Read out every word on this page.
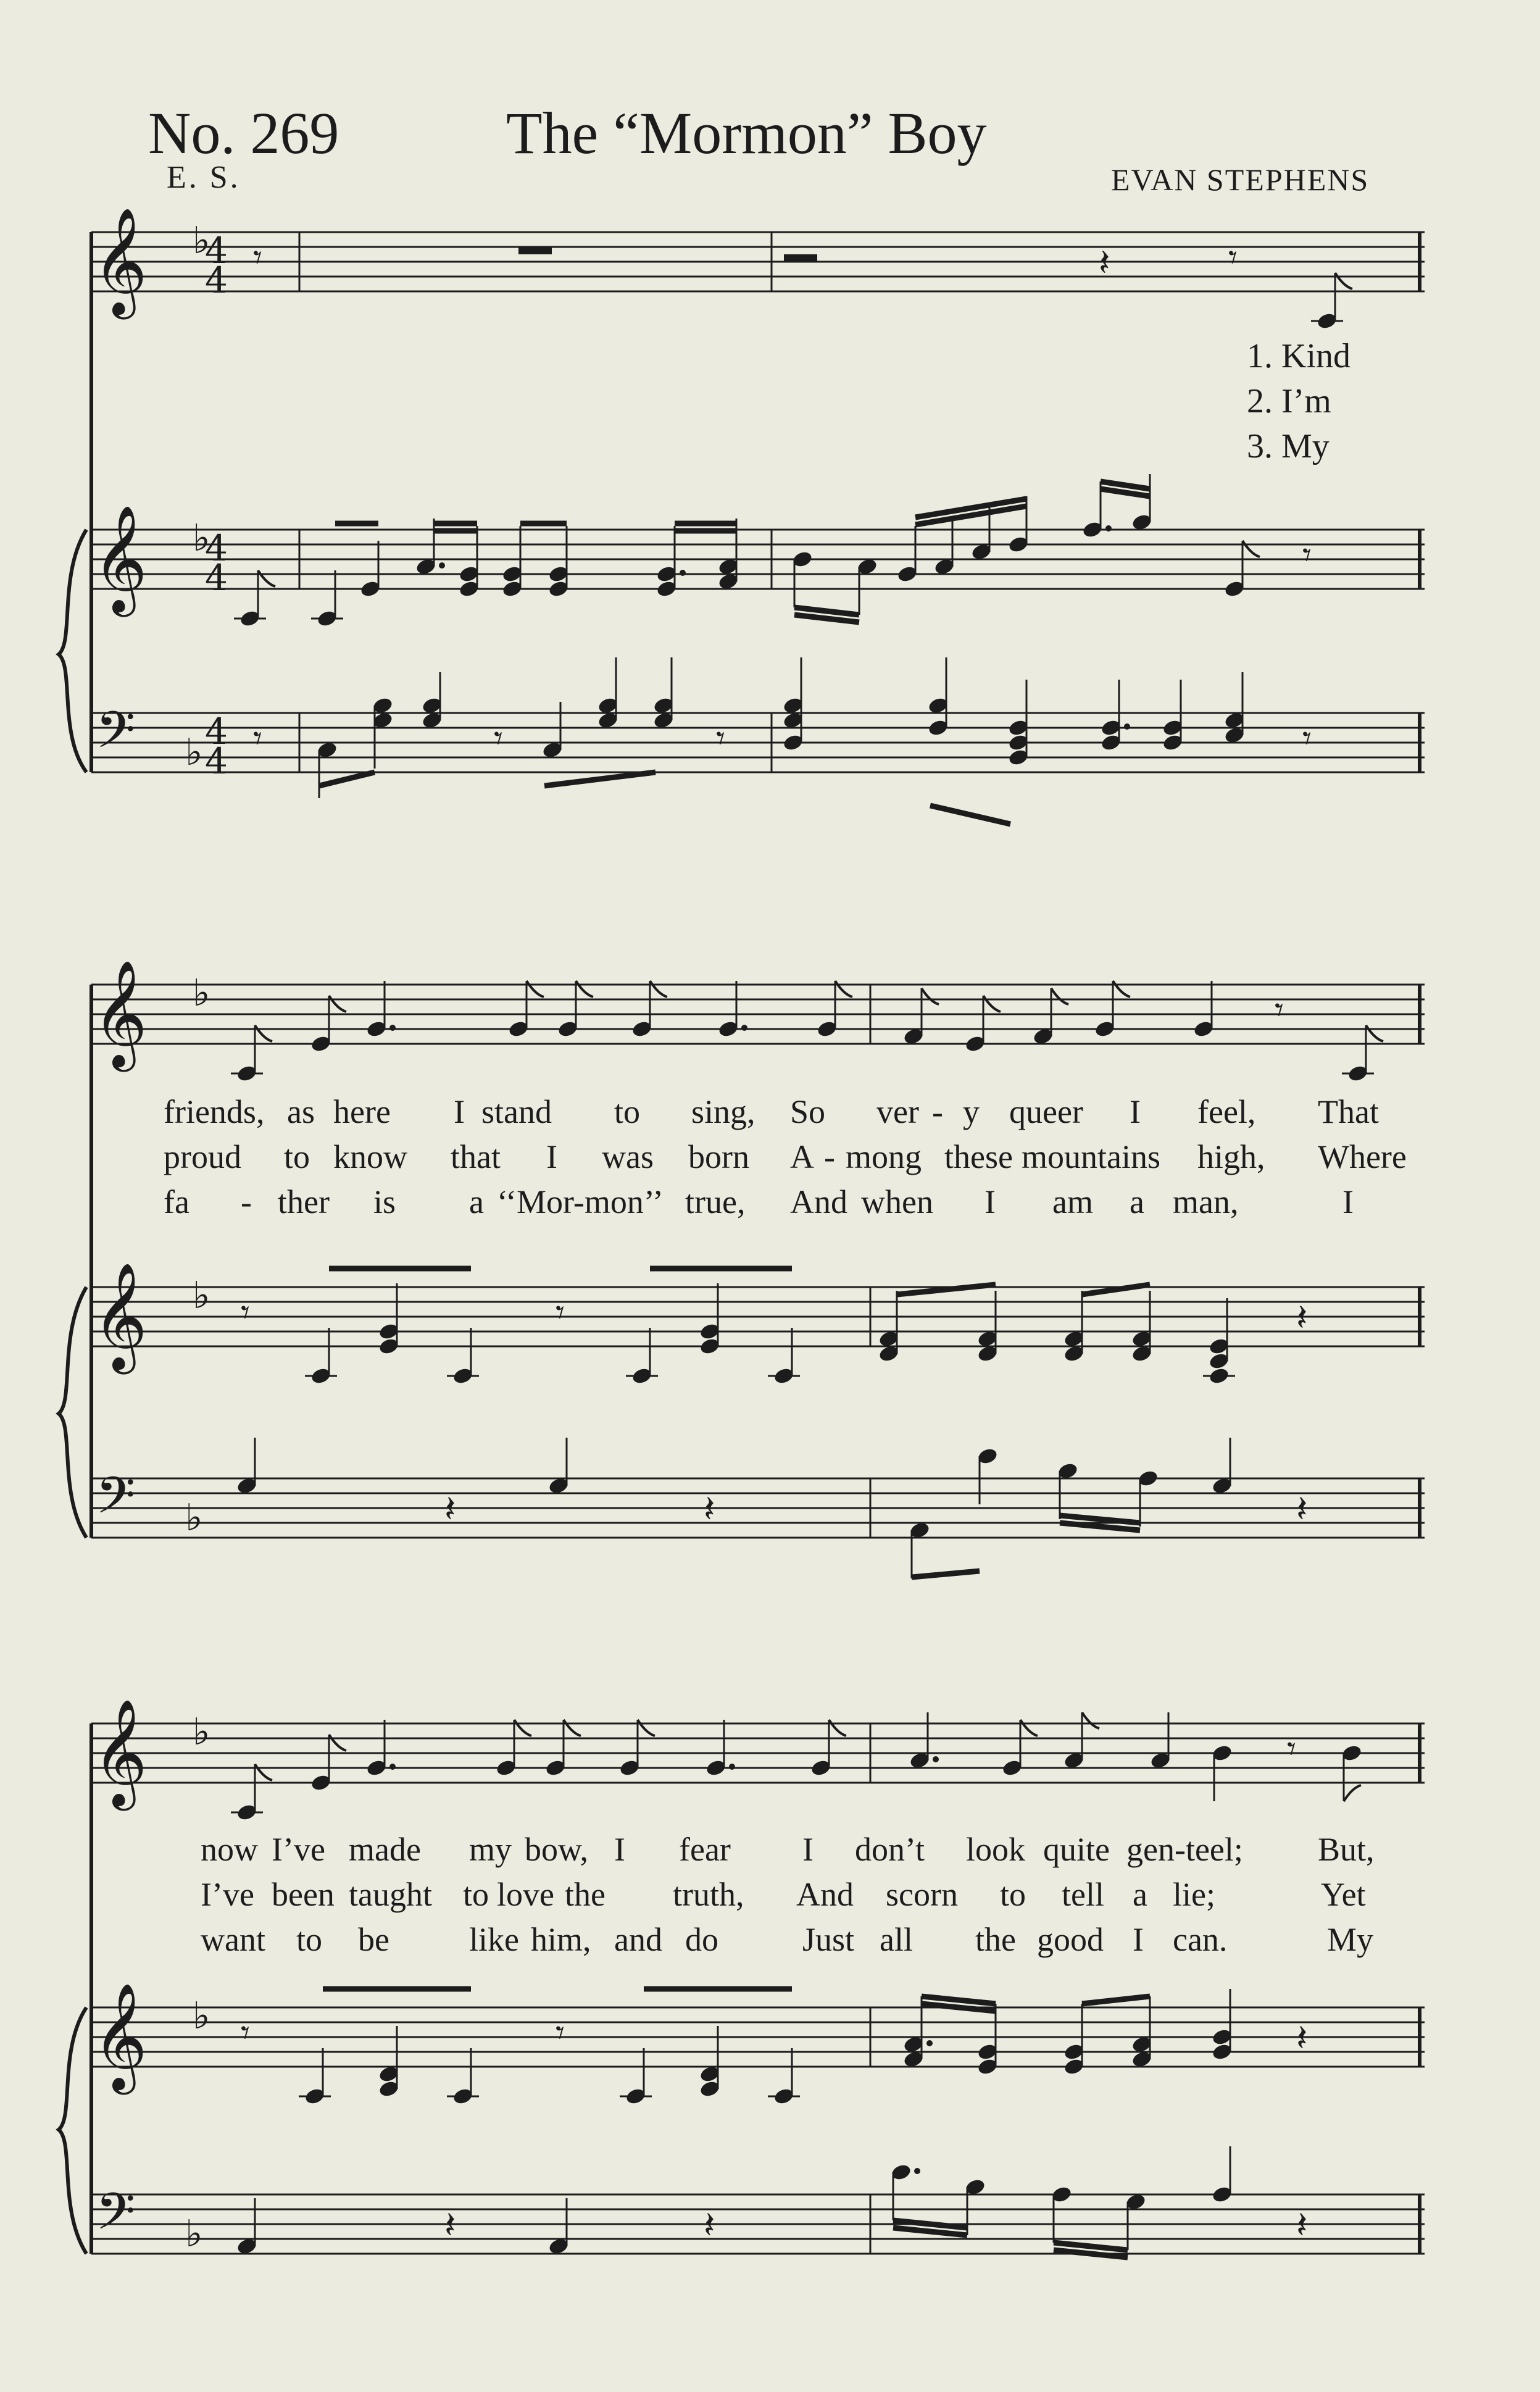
No. 269	The “Mormon” Boy
E. S.	EVAN STEPHENS
𝄞 ♭
4
4
𝄾	𝄽	𝄾
𝄞 ♭
4
4
𝄾
𝄢 ♭ 4
4
𝄾	𝄾	𝄾	𝄾
𝄞 ♭	𝄾
𝄞 ♭ 𝄾	𝄾	𝄽
𝄢 ♭	𝄽	𝄽	𝄽
𝄞 ♭	𝄾
𝄞 ♭ 𝄾	𝄾	𝄽
𝄢 ♭	𝄽	𝄽	𝄽
1. Kind
2. I’m
3. My
friends, as here I stand to sing, So ver - y queer I feel, That
proud to know that I was born A - mong these mountains high, Where
fa - ther is a ‘‘Mor-mon’’ true, And when I am a man,	I
now I’ve made my bow, I fear I don’t look quite gen-teel; But,
I’ve been taught to love the truth, And scorn to tell a lie;	Yet
want to be like him, and do	Just all the good I can.	My
